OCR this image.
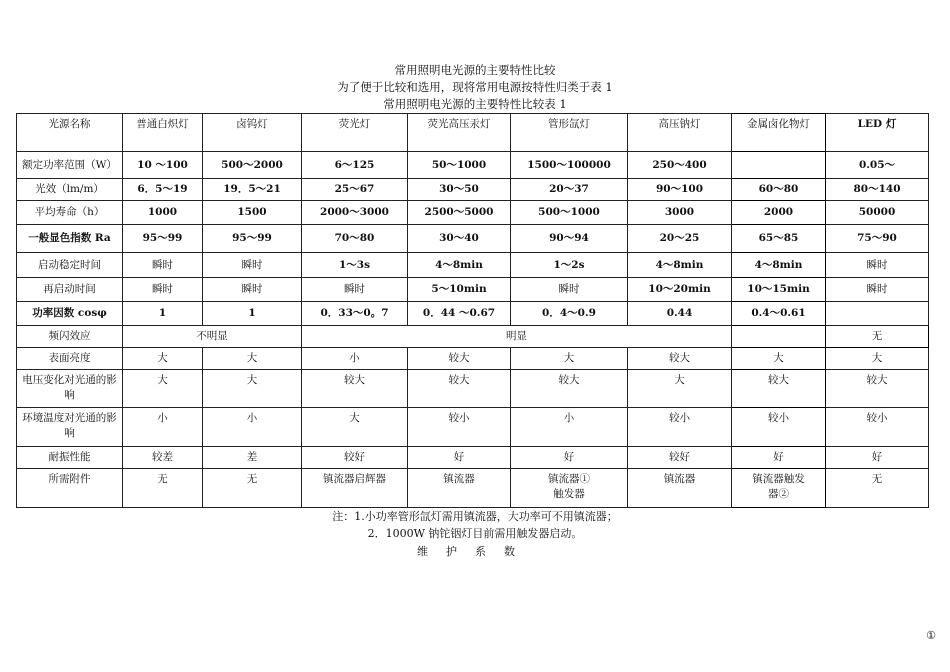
常用照明电光源的主要特性比较
为了便于比较和选用，现将常用电源按特性归类于表 1
常用照明电光源的主要特性比较表 1
光源名称	普通白炽灯	卤钨灯	荧光灯	荧光高压汞灯	管形氙灯	高压钠灯	金属卤化物灯	LED 灯
额定功率范围（W）	10 ～100	500～2000	6～125	50～1000	1500～100000	250～400		0.05～
光效（lm/m）	6．5～19	19．5～21	25～67	30～50	20～37	90～100	60～80	80～140
平均寿命（h）	1000	1500	2000～3000	2500～5000	500～1000	3000	2000	50000
一般显色指数 Ra	95～99	95～99	70～80	30～40	90～94	20～25	65～85	75～90
启动稳定时间	瞬时	瞬时	1～3s	4～8min	1～2s	4～8min	4～8min	瞬时
再启动时间	瞬时	瞬时	瞬时	5～10min	瞬时	10～20min	10～15min	瞬时
功率因数 cosφ	1	1	0．33～0。7	0．44 ～0.67	0．4～0.9	0.44	0.4～0.61	
频闪效应	不明显		明显					无
表面亮度	大	大	小	较大	大	较大	大	大
电压变化对光通的影响	大	大	较大	较大	较大	大	较大	较大
环境温度对光通的影响	小	小	大	较小	小	较小	较小	较小
耐振性能	较差	差	较好	好	好	较好	好	好
所需附件	无	无	镇流器启辉器	镇流器	镇流器①触发器	镇流器	镇流器触发器②	无
注：1.小功率管形氙灯需用镇流器，大功率可不用镇流器；
2．1000W 钠铊铟灯目前需用触发器启动。
维护系数
①
